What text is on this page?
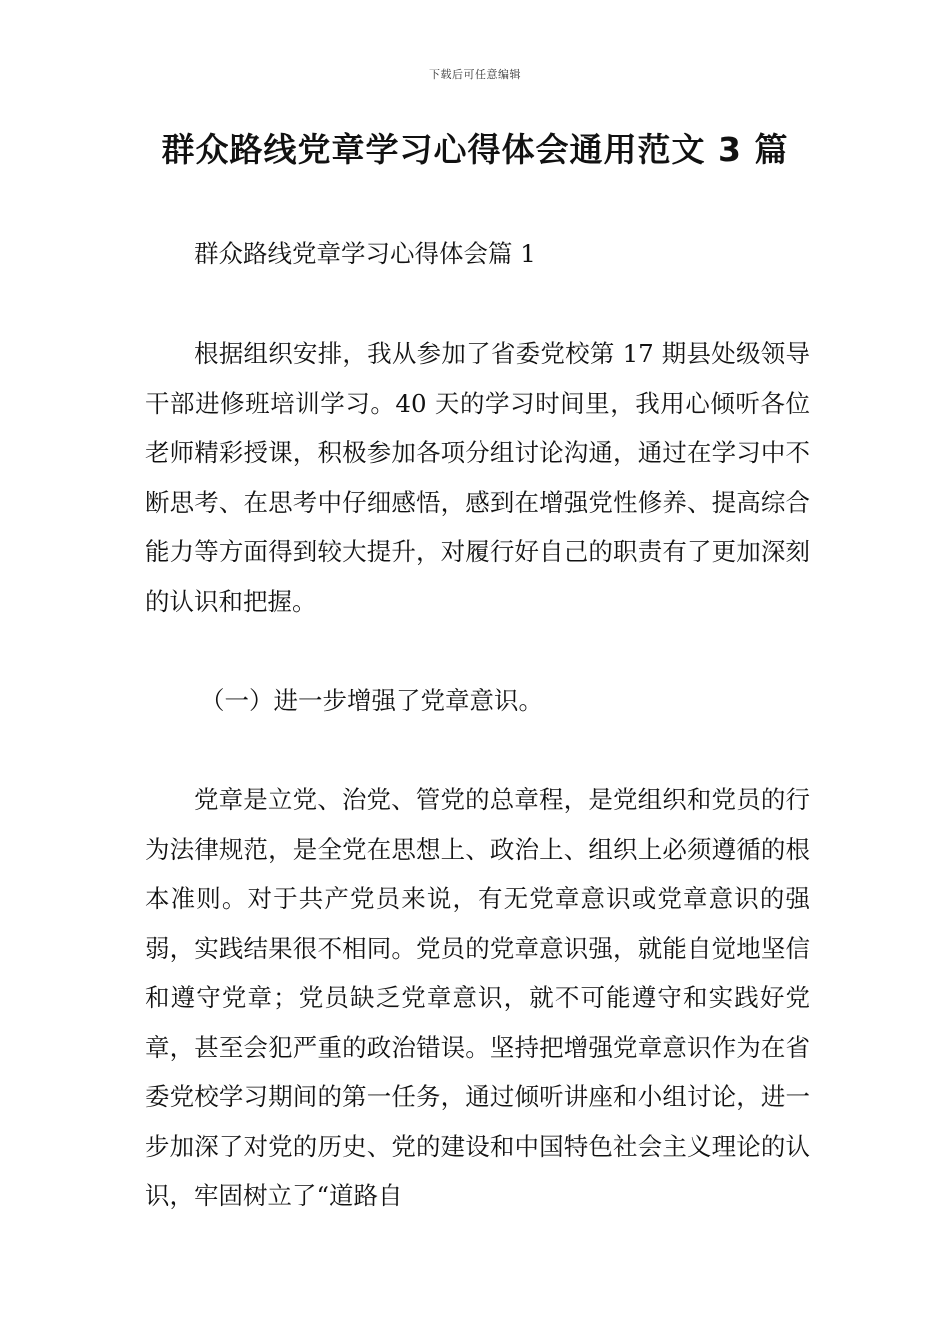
下载后可任意编辑
群众路线党章学习心得体会通用范文 3 篇

群众路线党章学习心得体会篇 1

根据组织安排，我从参加了省委党校第 17 期县处级领导干部进修班培训学习。40 天的学习时间里，我用心倾听各位老师精彩授课，积极参加各项分组讨论沟通，通过在学习中不断思考、在思考中仔细感悟，感到在增强党性修养、提高综合能力等方面得到较大提升，对履行好自己的职责有了更加深刻的认识和把握。

（一）进一步增强了党章意识。

党章是立党、治党、管党的总章程，是党组织和党员的行为法律规范，是全党在思想上、政治上、组织上必须遵循的根本准则。对于共产党员来说，有无党章意识或党章意识的强弱，实践结果很不相同。党员的党章意识强，就能自觉地坚信和遵守党章；党员缺乏党章意识，就不可能遵守和实践好党章，甚至会犯严重的政治错误。坚持把增强党章意识作为在省委党校学习期间的第一任务，通过倾听讲座和小组讨论，进一步加深了对党的历史、党的建设和中国特色社会主义理论的认识，牢固树立了“道路自
